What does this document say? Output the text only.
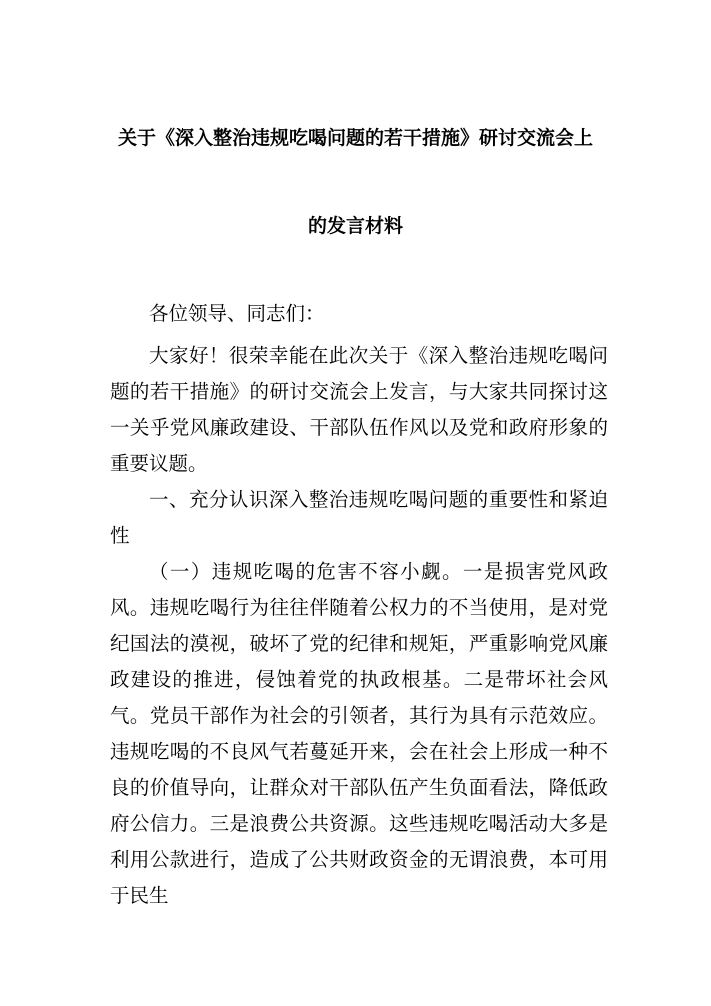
关于《深入整治违规吃喝问题的若干措施》研讨交流会上
的发言材料

各位领导、同志们：

大家好！很荣幸能在此次关于《深入整治违规吃喝问题的若干措施》的研讨交流会上发言，与大家共同探讨这一关乎党风廉政建设、干部队伍作风以及党和政府形象的重要议题。

一、充分认识深入整治违规吃喝问题的重要性和紧迫性

（一）违规吃喝的危害不容小觑。一是损害党风政风。违规吃喝行为往往伴随着公权力的不当使用，是对党纪国法的漠视，破坏了党的纪律和规矩，严重影响党风廉政建设的推进，侵蚀着党的执政根基。二是带坏社会风气。党员干部作为社会的引领者，其行为具有示范效应。违规吃喝的不良风气若蔓延开来，会在社会上形成一种不良的价值导向，让群众对干部队伍产生负面看法，降低政府公信力。三是浪费公共资源。这些违规吃喝活动大多是利用公款进行，造成了公共财政资金的无谓浪费，本可用于民生
